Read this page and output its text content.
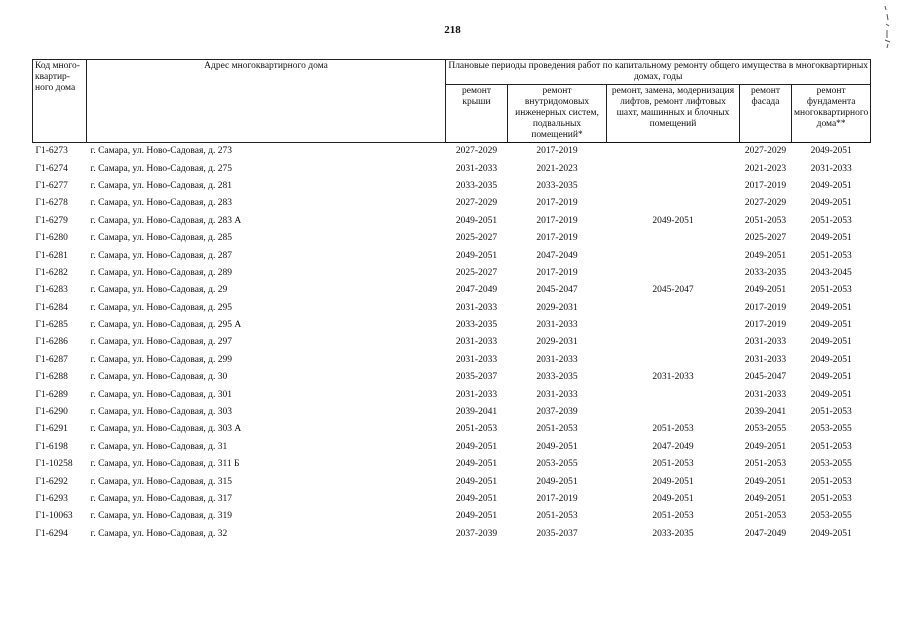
218
Код много-квартир-ного дома	Адрес многоквартирного дома	Плановые периоды проведения работ по капитальному ремонту общего имущества в многоквартирных домах, годы				
		ремонт крыши	ремонт внутридомовых инженерных систем, подвальных помещений*	ремонт, замена, модернизация лифтов, ремонт лифтовых шахт, машинных и блочных помещений	ремонт фасада	ремонт фундамента многоквартирного дома**
Г1-6273	г. Самара, ул. Ново-Садовая, д. 273	2027-2029	2017-2019		2027-2029	2049-2051
Г1-6274	г. Самара, ул. Ново-Садовая, д. 275	2031-2033	2021-2023		2021-2023	2031-2033
Г1-6277	г. Самара, ул. Ново-Садовая, д. 281	2033-2035	2033-2035		2017-2019	2049-2051
Г1-6278	г. Самара, ул. Ново-Садовая, д. 283	2027-2029	2017-2019		2027-2029	2049-2051
Г1-6279	г. Самара, ул. Ново-Садовая, д. 283 А	2049-2051	2017-2019	2049-2051	2051-2053	2051-2053
Г1-6280	г. Самара, ул. Ново-Садовая, д. 285	2025-2027	2017-2019		2025-2027	2049-2051
Г1-6281	г. Самара, ул. Ново-Садовая, д. 287	2049-2051	2047-2049		2049-2051	2051-2053
Г1-6282	г. Самара, ул. Ново-Садовая, д. 289	2025-2027	2017-2019		2033-2035	2043-2045
Г1-6283	г. Самара, ул. Ново-Садовая, д. 29	2047-2049	2045-2047	2045-2047	2049-2051	2051-2053
Г1-6284	г. Самара, ул. Ново-Садовая, д. 295	2031-2033	2029-2031		2017-2019	2049-2051
Г1-6285	г. Самара, ул. Ново-Садовая, д. 295 А	2033-2035	2031-2033		2017-2019	2049-2051
Г1-6286	г. Самара, ул. Ново-Садовая, д. 297	2031-2033	2029-2031		2031-2033	2049-2051
Г1-6287	г. Самара, ул. Ново-Садовая, д. 299	2031-2033	2031-2033		2031-2033	2049-2051
Г1-6288	г. Самара, ул. Ново-Садовая, д. 30	2035-2037	2033-2035	2031-2033	2045-2047	2049-2051
Г1-6289	г. Самара, ул. Ново-Садовая, д. 301	2031-2033	2031-2033		2031-2033	2049-2051
Г1-6290	г. Самара, ул. Ново-Садовая, д. 303	2039-2041	2037-2039		2039-2041	2051-2053
Г1-6291	г. Самара, ул. Ново-Садовая, д. 303 А	2051-2053	2051-2053	2051-2053	2053-2055	2053-2055
Г1-6198	г. Самара, ул. Ново-Садовая, д. 31	2049-2051	2049-2051	2047-2049	2049-2051	2051-2053
Г1-10258	г. Самара, ул. Ново-Садовая, д. 311 Б	2049-2051	2053-2055	2051-2053	2051-2053	2053-2055
Г1-6292	г. Самара, ул. Ново-Садовая, д. 315	2049-2051	2049-2051	2049-2051	2049-2051	2051-2053
Г1-6293	г. Самара, ул. Ново-Садовая, д. 317	2049-2051	2017-2019	2049-2051	2049-2051	2051-2053
Г1-10063	г. Самара, ул. Ново-Садовая, д. 319	2049-2051	2051-2053	2051-2053	2051-2053	2053-2055
Г1-6294	г. Самара, ул. Ново-Садовая, д. 32	2037-2039	2035-2037	2033-2035	2047-2049	2049-2051
